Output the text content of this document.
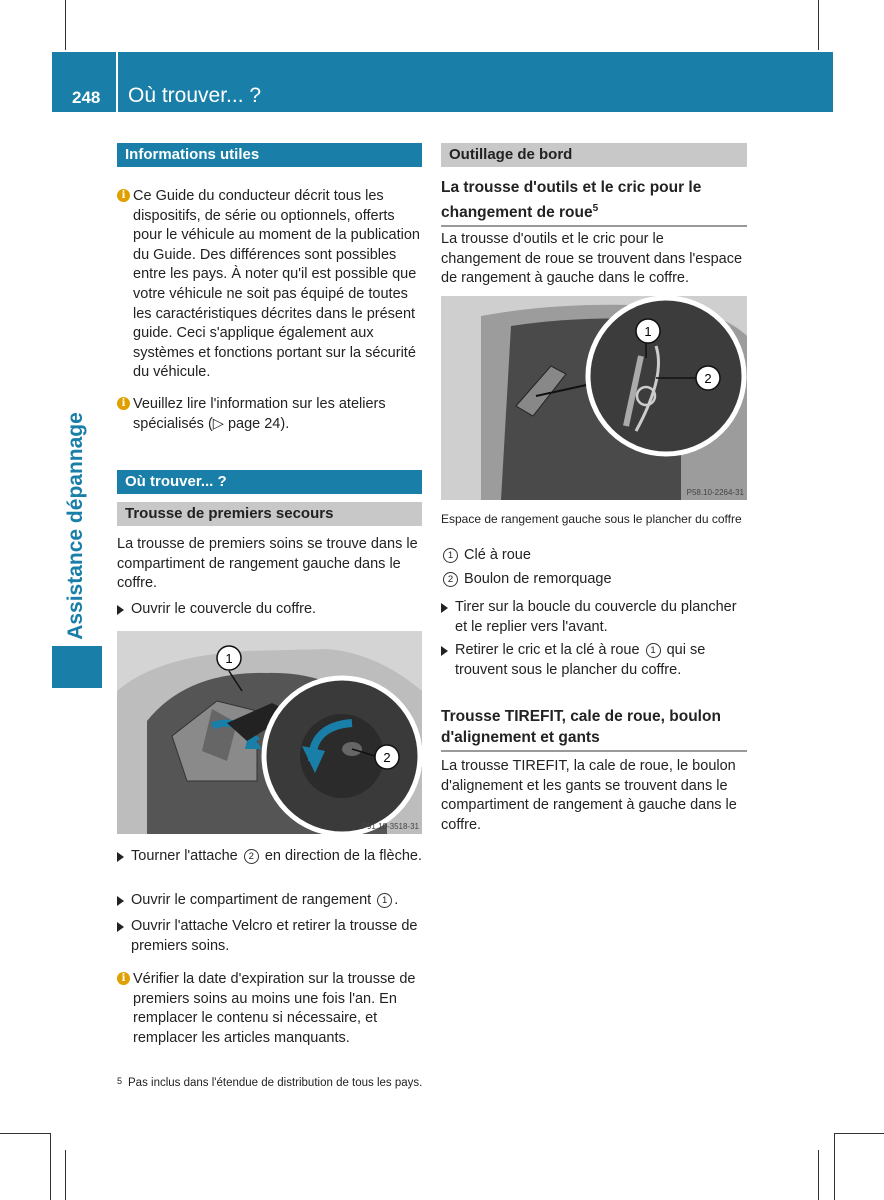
248 Où trouver... ?
Assistance dépannage
Informations utiles
i Ce Guide du conducteur décrit tous les dispositifs, de série ou optionnels, offerts pour le véhicule au moment de la publication du Guide. Des différences sont possibles entre les pays. À noter qu'il est possible que votre véhicule ne soit pas équipé de toutes les caractéristiques décrites dans le présent guide. Ceci s'applique également aux systèmes et fonctions portant sur la sécurité du véhicule.
i Veuillez lire l'information sur les ateliers spécialisés (▷ page 24).
Où trouver... ?
Trousse de premiers secours
La trousse de premiers soins se trouve dans le compartiment de rangement gauche dans le coffre.
Ouvrir le couvercle du coffre.
1
2
P91.10-3518-31
Tourner l'attache 2 en direction de la flèche.
Ouvrir le compartiment de rangement 1 .
Ouvrir l'attache Velcro et retirer la trousse de premiers soins.
i Vérifier la date d'expiration sur la trousse de premiers soins au moins une fois l'an. En remplacer le contenu si nécessaire, et remplacer les articles manquants.
Outillage de bord
La trousse d'outils et le cric pour le changement de roue$^5$
La trousse d'outils et le cric pour le changement de roue se trouvent dans l'espace de rangement à gauche dans le coffre.
1
2
P58.10-2264-31
Espace de rangement gauche sous le plancher du coffre
1 Clé à roue
2 Boulon de remorquage
Tirer sur la boucle du couvercle du plancher et le replier vers l'avant.
Retirer le cric et la clé à roue 1 qui se trouvent sous le plancher du coffre.
Trousse TIREFIT, cale de roue, boulon d'alignement et gants
La trousse TIREFIT, la cale de roue, le boulon d'alignement et les gants se trouvent dans le compartiment de rangement à gauche dans le coffre.
5 Pas inclus dans l'étendue de distribution de tous les pays.
